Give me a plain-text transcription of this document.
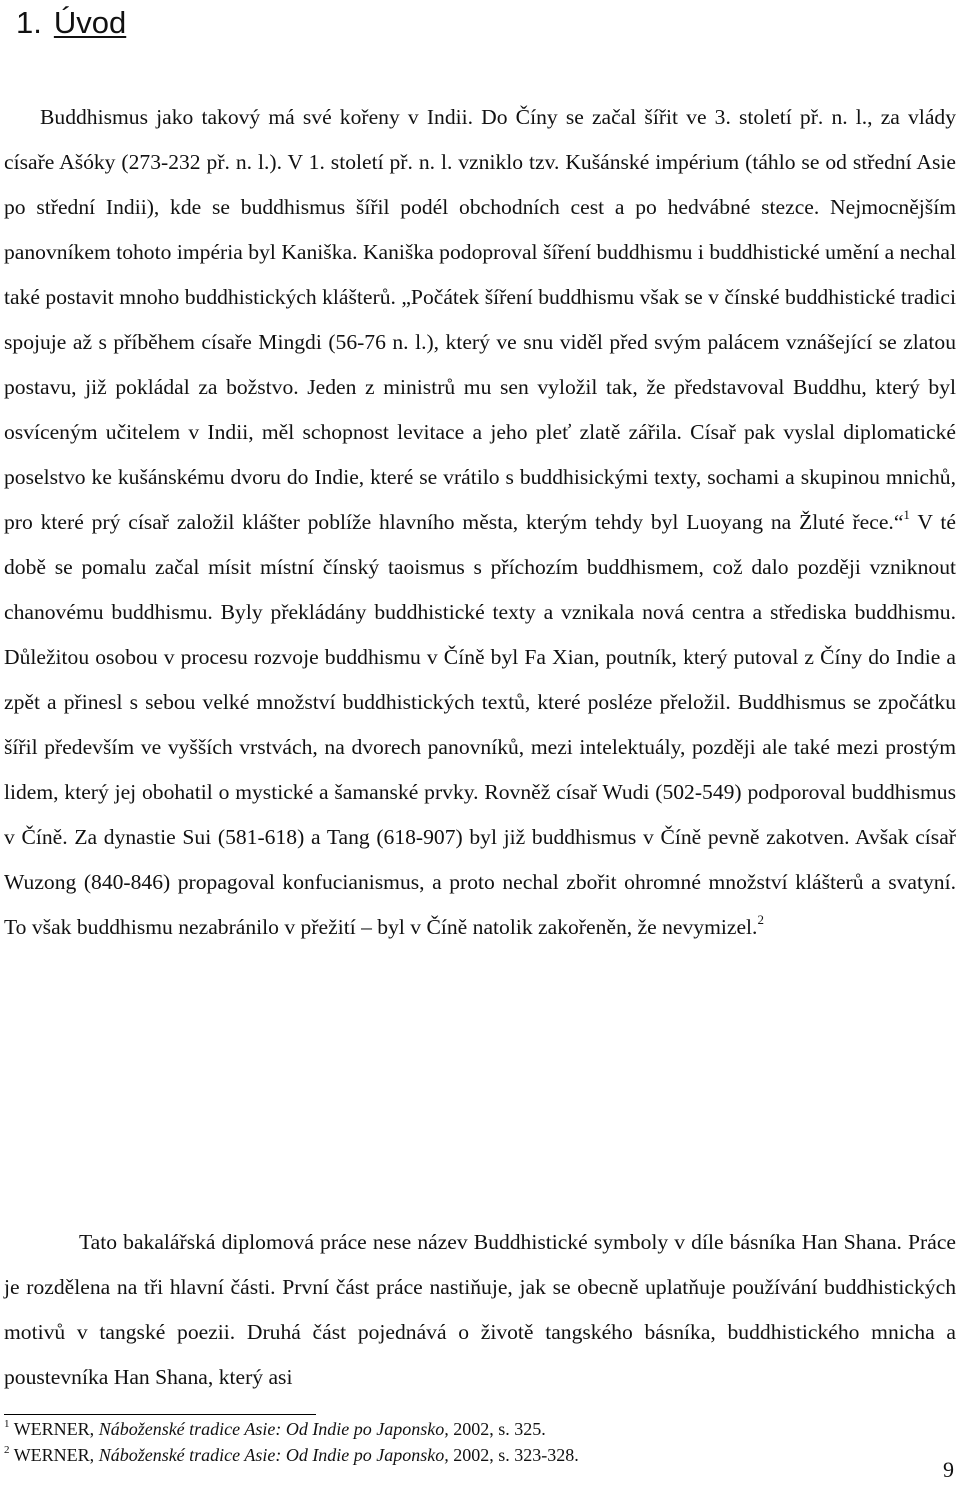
1. Úvod

Buddhismus jako takový má své kořeny v Indii. Do Číny se začal šířit ve 3. století př. n. l., za vlády císaře Ašóky (273-232 př. n. l.). V 1. století př. n. l. vzniklo tzv. Kušánské impérium (táhlo se od střední Asie po střední Indii), kde se buddhismus šířil podél obchodních cest a po hedvábné stezce. Nejmocnějším panovníkem tohoto impéria byl Kaniška. Kaniška podoproval šíření buddhismu i buddhistické umění a nechal také postavit mnoho buddhistických klášterů. „Počátek šíření buddhismu však se v čínské buddhistické tradici spojuje až s příběhem císaře Mingdi (56-76 n. l.), který ve snu viděl před svým palácem vznášející se zlatou postavu, již pokládal za božstvo. Jeden z ministrů mu sen vyložil tak, že představoval Buddhu, který byl osvíceným učitelem v Indii, měl schopnost levitace a jeho pleť zlatě zářila. Císař pak vyslal diplomatické poselstvo ke kušánskému dvoru do Indie, které se vrátilo s buddhisickými texty, sochami a skupinou mnichů, pro které prý císař založil klášter poblíže hlavního města, kterým tehdy byl Luoyang na Žluté řece.“$^1$ V té době se pomalu začal mísit místní čínský taoismus s příchozím buddhismem, což dalo později vzniknout chanovému buddhismu. Byly překládány buddhistické texty a vznikala nová centra a střediska buddhismu. Důležitou osobou v procesu rozvoje buddhismu v Číně byl Fa Xian, poutník, který putoval z Číny do Indie a zpět a přinesl s sebou velké množství buddhistických textů, které posléze přeložil. Buddhismus se zpočátku šířil především ve vyšších vrstvách, na dvorech panovníků, mezi intelektuály, později ale také mezi prostým lidem, který jej obohatil o mystické a šamanské prvky. Rovněž císař Wudi (502-549) podporoval buddhismus v Číně. Za dynastie Sui (581-618) a Tang (618-907) byl již buddhismus v Číně pevně zakotven. Avšak císař Wuzong (840-846) propagoval konfucianismus, a proto nechal zbořit ohromné množství klášterů a svatyní. To však buddhismu nezabránilo v přežití – byl v Číně natolik zakořeněn, že nevymizel.$^2$

Tato bakalářská diplomová práce nese název Buddhistické symboly v díle básníka Han Shana. Práce je rozdělena na tři hlavní části. První část práce nastiňuje, jak se obecně uplatňuje používání buddhistických motivů v tangské poezii. Druhá část pojednává o životě tangského básníka, buddhistického mnicha a poustevníka Han Shana, který asi

$^1$ WERNER, Náboženské tradice Asie: Od Indie po Japonsko, 2002, s. 325.
$^2$ WERNER, Náboženské tradice Asie: Od Indie po Japonsko, 2002, s. 323-328.
9
